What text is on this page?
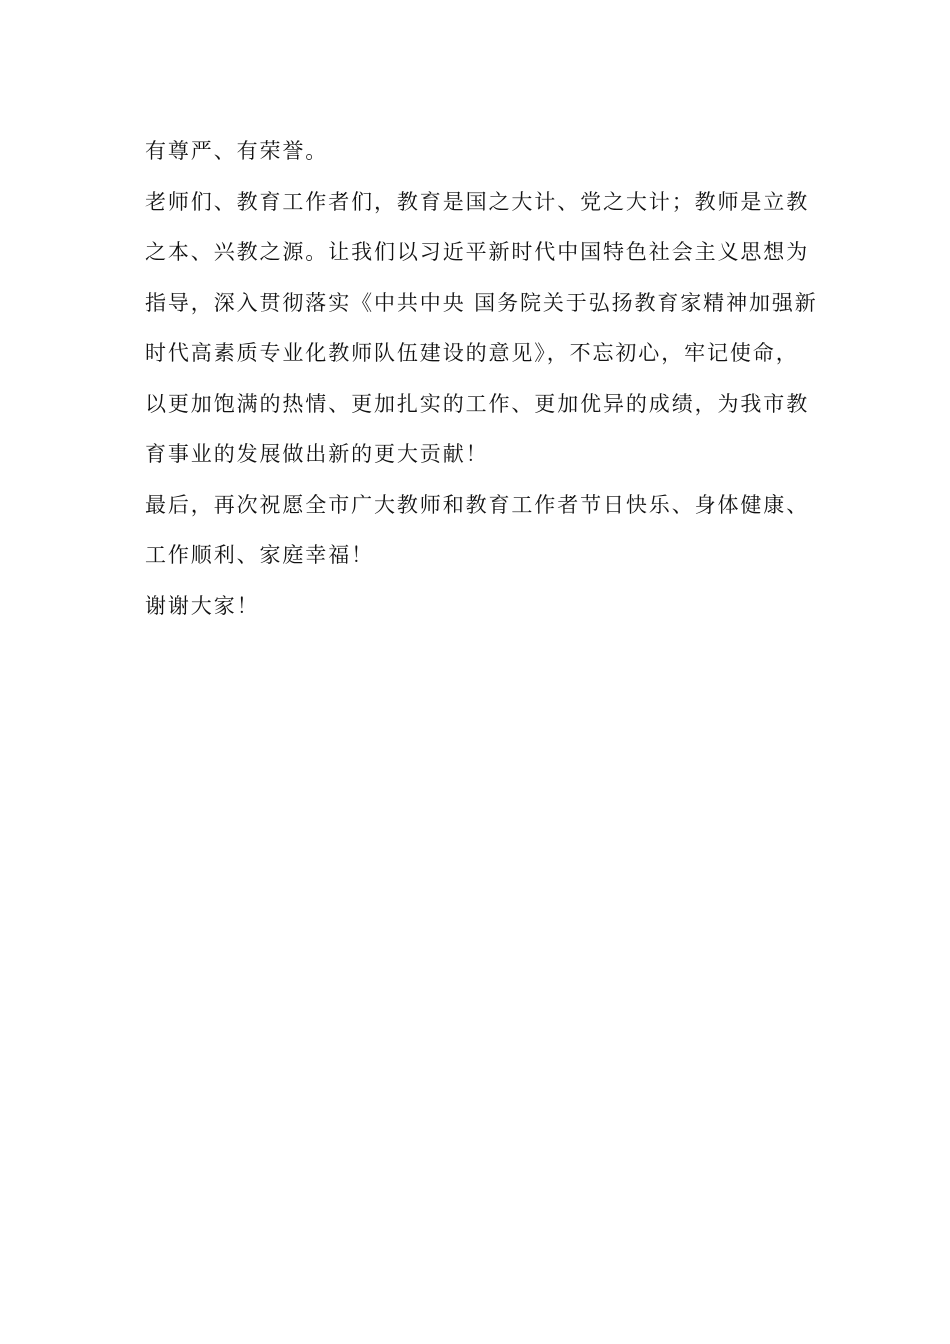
有尊严、有荣誉。
老师们、教育工作者们，教育是国之大计、党之大计；教师是立教
之本、兴教之源。让我们以习近平新时代中国特色社会主义思想为
指导，深入贯彻落实《中共中央 国务院关于弘扬教育家精神加强新
时代高素质专业化教师队伍建设的意见》，不忘初心，牢记使命，
以更加饱满的热情、更加扎实的工作、更加优异的成绩，为我市教
育事业的发展做出新的更大贡献！
最后，再次祝愿全市广大教师和教育工作者节日快乐、身体健康、
工作顺利、家庭幸福！
谢谢大家！
